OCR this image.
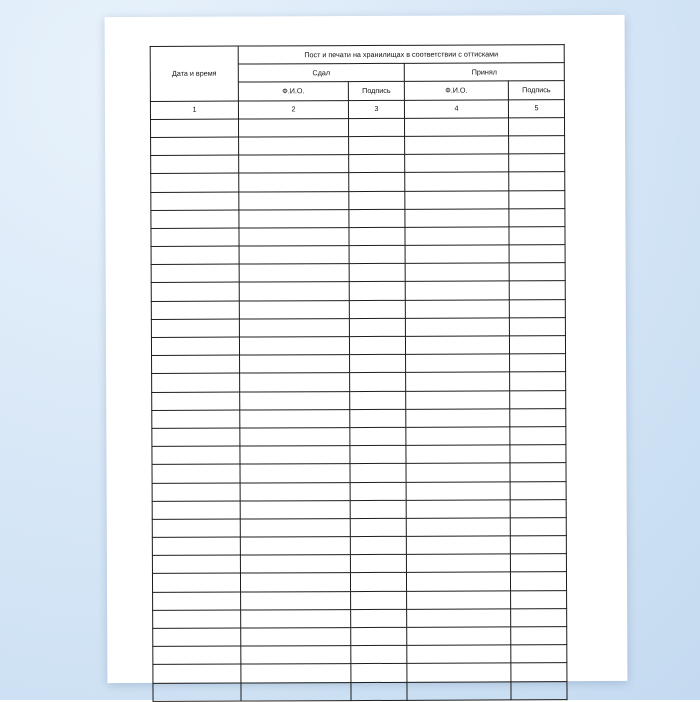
Дата и время	Пост и печати на хранилищах в соответствии с оттисками			
	Сдал		Принял	
	Ф.И.О.	Подпись	Ф.И.О.	Подпись
1	2	3	4	5
